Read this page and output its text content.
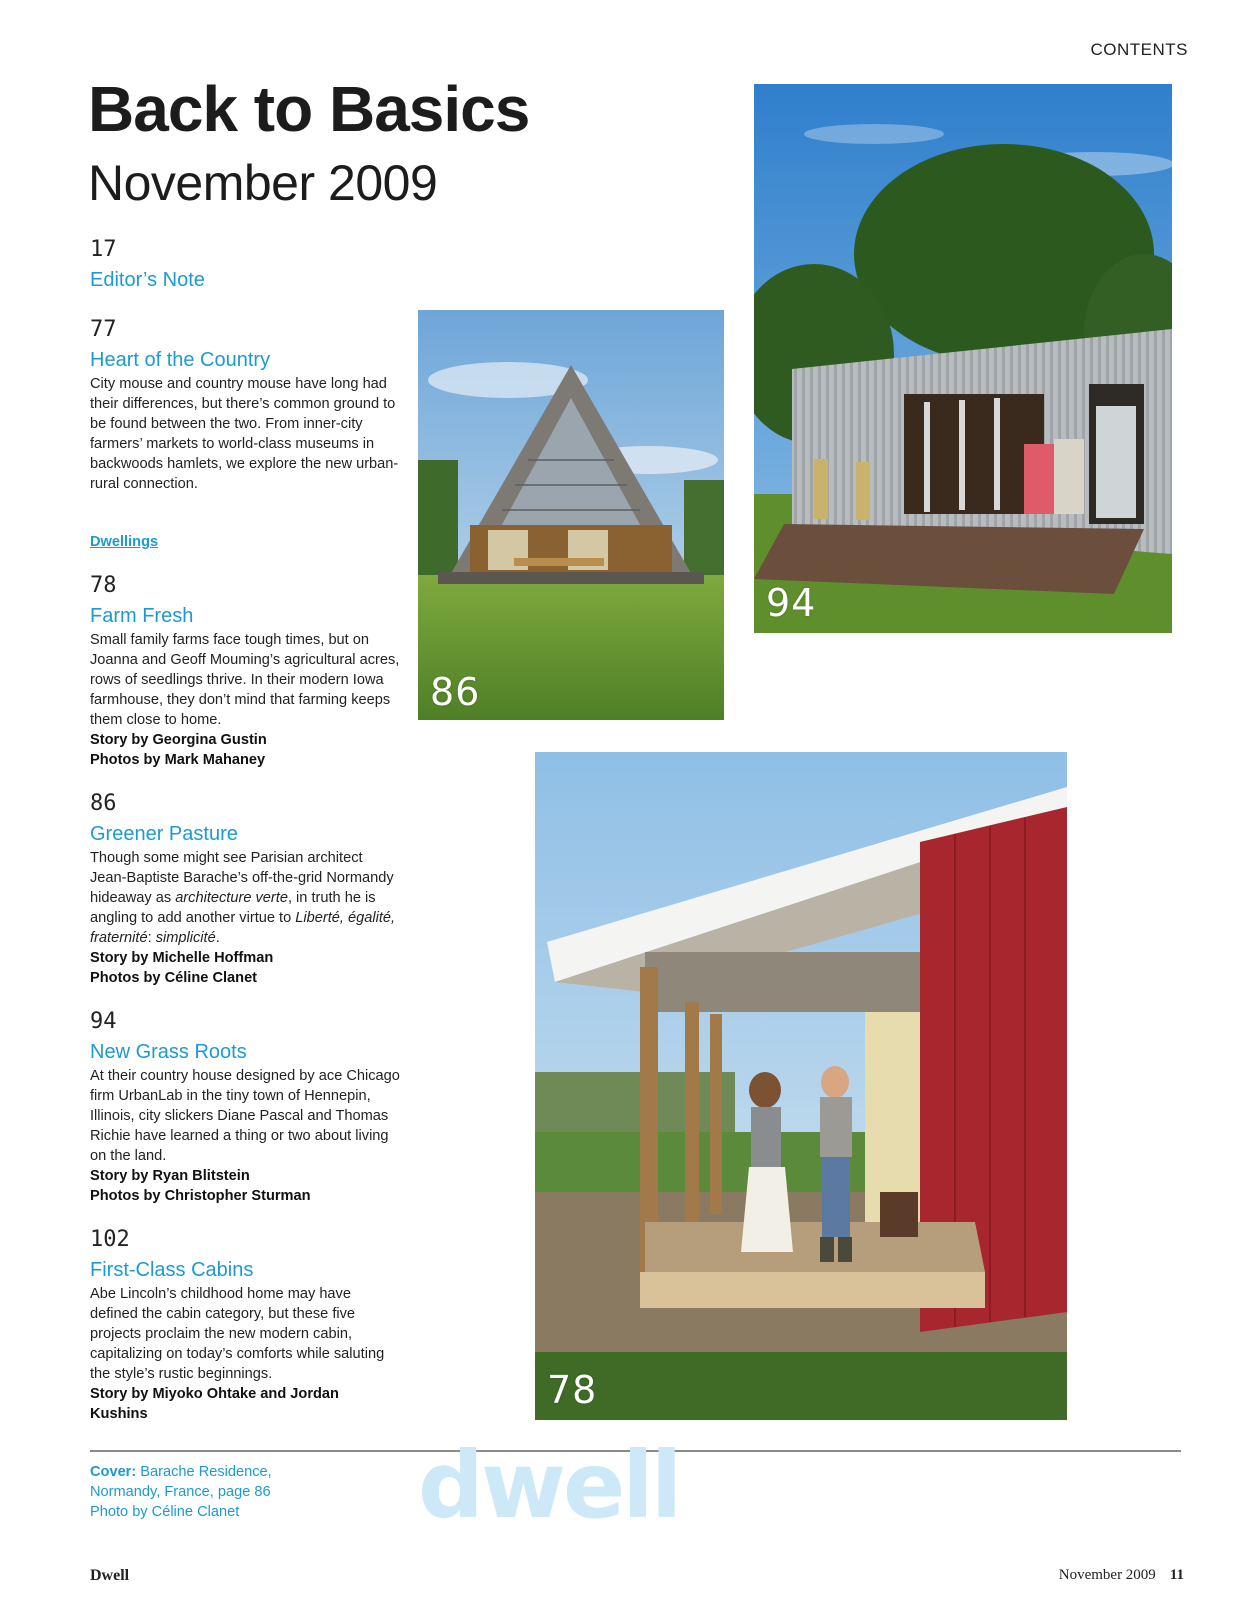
CONTENTS
Back to Basics
November 2009
17
Editor’s Note
77
Heart of the Country
City mouse and country mouse have long had their differences, but there’s common ground to be found between the two. From inner-city farmers’ markets to world-class museums in backwoods hamlets, we explore the new urban-rural connection.
Dwellings
78
Farm Fresh
Small family farms face tough times, but on Joanna and Geoff Mouming’s agricultural acres, rows of seedlings thrive. In their modern Iowa farmhouse, they don’t mind that farming keeps them close to home.
Story by Georgina Gustin
Photos by Mark Mahaney
86
Greener Pasture
Though some might see Parisian architect Jean-Baptiste Barache’s off-the-grid Normandy hideaway as architecture verte, in truth he is angling to add another virtue to Liberté, égalité, fraternité: simplicité.
Story by Michelle Hoffman
Photos by Céline Clanet
94
New Grass Roots
At their country house designed by ace Chicago firm UrbanLab in the tiny town of Hennepin, Illinois, city slickers Diane Pascal and Thomas Richie have learned a thing or two about living on the land.
Story by Ryan Blitstein
Photos by Christopher Sturman
102
First-Class Cabins
Abe Lincoln’s childhood home may have defined the cabin category, but these five projects proclaim the new modern cabin, capitalizing on today’s comforts while saluting the style’s rustic beginnings.
Story by Miyoko Ohtake and Jordan Kushins
86
94
78
Cover: Barache Residence,
Normandy, France, page 86
Photo by Céline Clanet	dwell
Dwell	November 2009 11
